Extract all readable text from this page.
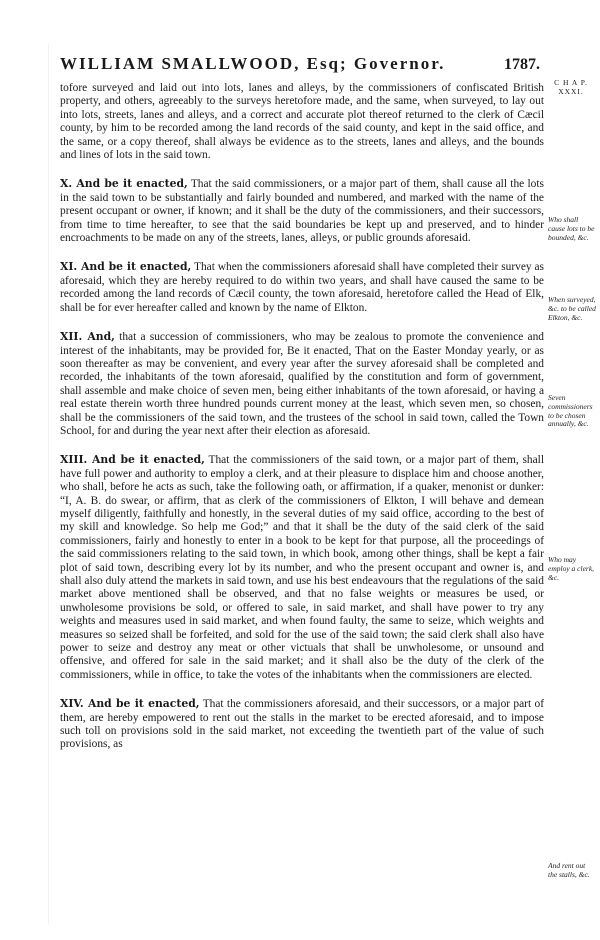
WILLIAM SMALLWOOD, Esq; Governor.	1787.
C H A P. XXXI.

tofore surveyed and laid out into lots, lanes and alleys, by the commissioners of confiscated British property, and others, agreeably to the surveys heretofore made, and the same, when surveyed, to lay out into lots, streets, lanes and alleys, and a correct and accurate plot thereof returned to the clerk of Cæcil county, by him to be recorded among the land records of the said county, and kept in the said office, and the same, or a copy thereof, shall always be evidence as to the streets, lanes and alleys, and the bounds and lines of lots in the said town.

X. And be it enacted, That the said commissioners, or a major part of them, shall cause all the lots in the said town to be substantially and fairly bounded and numbered, and marked with the name of the present occupant or owner, if known; and it shall be the duty of the commissioners, and their successors, from time to time hereafter, to see that the said boundaries be kept up and preserved, and to hinder encroachments to be made on any of the streets, lanes, alleys, or public grounds aforesaid.

XI. And be it enacted, That when the commissioners aforesaid shall have completed their survey as aforesaid, which they are hereby required to do within two years, and shall have caused the same to be recorded among the land records of Cæcil county, the town aforesaid, heretofore called the Head of Elk, shall be for ever hereafter called and known by the name of Elkton.

XII. And, that a succession of commissioners, who may be zealous to promote the convenience and interest of the inhabitants, may be provided for, Be it enacted, That on the Easter Monday yearly, or as soon thereafter as may be convenient, and every year after the survey aforesaid shall be completed and recorded, the inhabitants of the town aforesaid, qualified by the constitution and form of government, shall assemble and make choice of seven men, being either inhabitants of the town aforesaid, or having a real estate therein worth three hundred pounds current money at the least, which seven men, so chosen, shall be the commissioners of the said town, and the trustees of the school in said town, called the Town School, for and during the year next after their election as aforesaid.

XIII. And be it enacted, That the commissioners of the said town, or a major part of them, shall have full power and authority to employ a clerk, and at their pleasure to displace him and choose another, who shall, before he acts as such, take the following oath, or affirmation, if a quaker, menonist or dunker: “I, A. B. do swear, or affirm, that as clerk of the commissioners of Elkton, I will behave and demean myself diligently, faithfully and honestly, in the several duties of my said office, according to the best of my skill and knowledge. So help me God;” and that it shall be the duty of the said clerk of the said commissioners, fairly and honestly to enter in a book to be kept for that purpose, all the proceedings of the said commissioners relating to the said town, in which book, among other things, shall be kept a fair plot of said town, describing every lot by its number, and who the present occupant and owner is, and shall also duly attend the markets in said town, and use his best endeavours that the regulations of the said market above mentioned shall be observed, and that no false weights or measures be used, or unwholesome provisions be sold, or offered to sale, in said market, and shall have power to try any weights and measures used in said market, and when found faulty, the same to seize, which weights and measures so seized shall be forfeited, and sold for the use of the said town; the said clerk shall also have power to seize and destroy any meat or other victuals that shall be unwholesome, or unsound and offensive, and offered for sale in the said market; and it shall also be the duty of the clerk of the commissioners, while in office, to take the votes of the inhabitants when the commissioners are elected.

XIV. And be it enacted, That the commissioners aforesaid, and their successors, or a major part of them, are hereby empowered to rent out the stalls in the market to be erected aforesaid, and to impose such toll on provisions sold in the said market, not exceeding the twentieth part of the value of such provisions, as

Who shall cause lots to be bounded, &c.
When surveyed, &c. to be called Elkton, &c.
Seven commissioners to be chosen annually, &c.
Who may employ a clerk, &c.
And rent out the stalls, &c.
